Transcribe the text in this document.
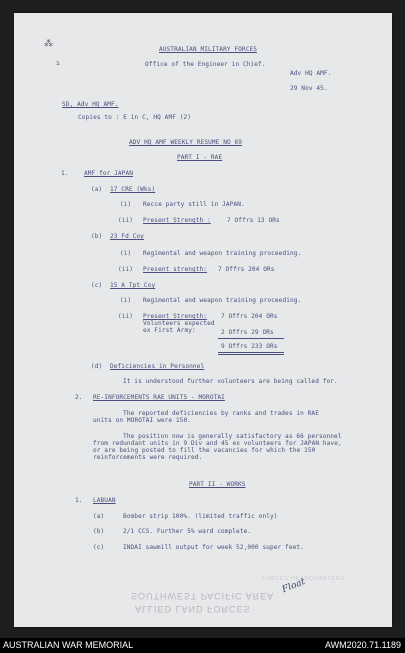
⁂
ɿ
AUSTRALIAN MILITARY FORCES
Office of the Engineer in Chief.
Adv HQ AMF.
29 Nov 45.
SD, Adv HQ AMF.
Copies to : E in C, HQ AMF (2)
ADV HQ AMF WEEKLY RESUME NO 69
PART I - RAE
1.	AMF for JAPAN
(a) 17 CRE (Wks)
(i) Recce party still in JAPAN.
(ii) Present Strength :	7 Offrs 13 ORs
(b) 23 Fd Coy
(i) Regimental and weapon training proceeding.
(ii) Present strength: 7 Offrs 204 ORs
(c) 15 A Tpt Coy
(i) Regimental and weapon training proceeding.
(ii) Present Strength: 7 Offrs 204 ORs
Volunteers expected
ex First Army:	2 Offrs 29 ORs
9 Offrs 233 ORs
(d) Deficiencies in Personnel
It is understood further volunteers are being called for.
2. RE-INFORCEMENTS RAE UNITS - MOROTAI
The reported deficiencies by ranks and trades in RAE
units on MOROTAI were 150.
The position now is generally satisfactory as 66 personnel
from redundant units in 9 Div and 45 ex volunteers for JAPAN have,
or are being posted to fill the vacancies for which the 150
reinforcements were required.
PART II - WORKS
1. LABUAN
(a)	Bomber strip 100%. (limited traffic only)
(b)	2/1 CCS. Further 5% ward complete.
(c)	INDAI sawmill output for week 52,000 super feet.
FORCES HEADQUARTERS
SOUTHWEST PACIFIC AREA
ALLIED LAND FORCES
Float
AUSTRALIAN WAR MEMORIAL	AWM2020.71.1189
